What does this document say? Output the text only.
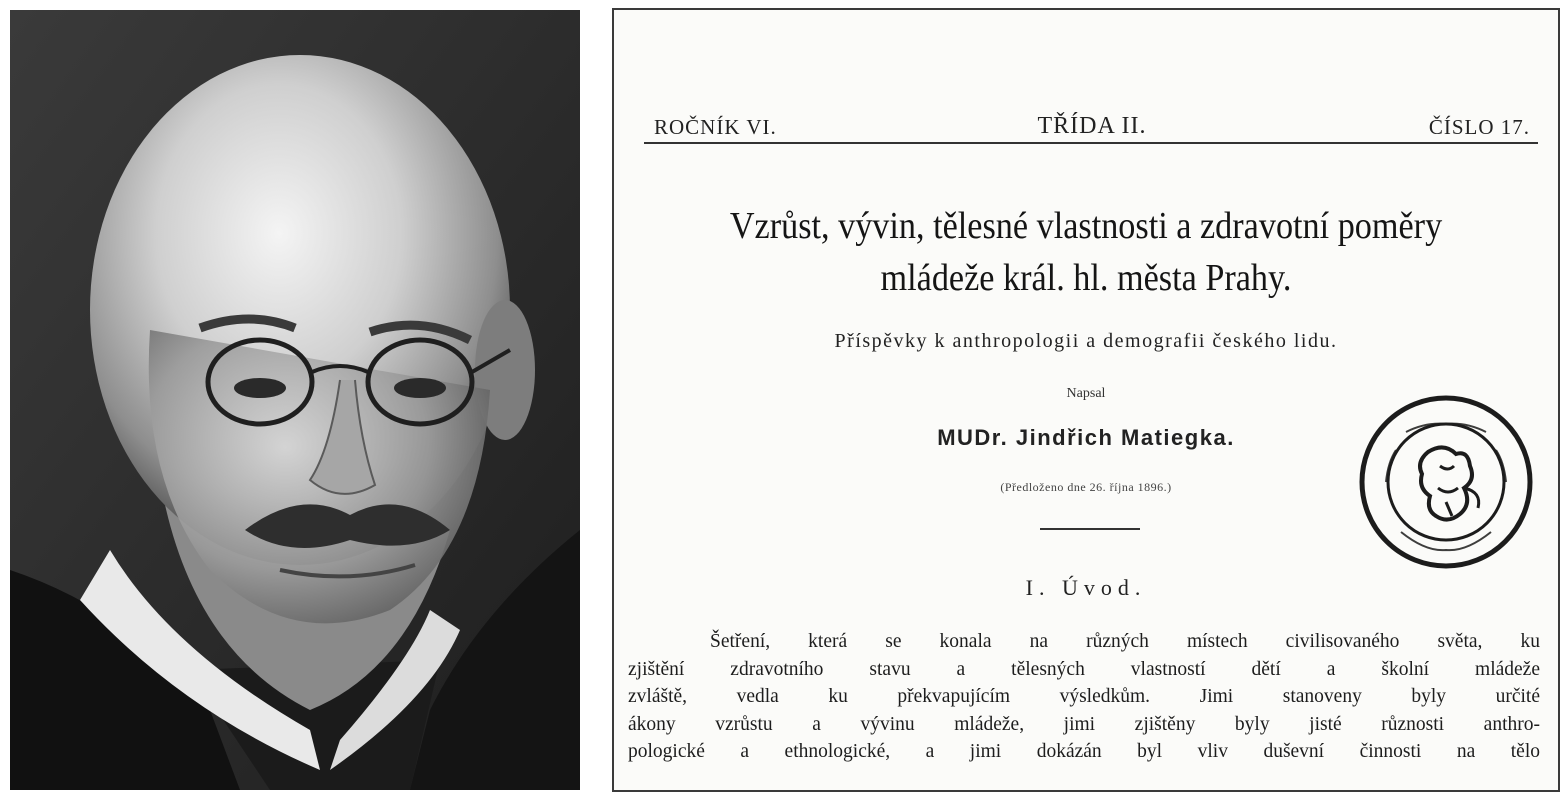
ROČNÍK VI.	TŘÍDA II.	ČÍSLO 17.
Vzrůst, vývin, tělesné vlastnosti a zdravotní poměry
mládeže král. hl. města Prahy.
Příspěvky k anthropologii a demografii českého lidu.
Napsal
MUDr. Jindřich Matiegka.
(Předloženo dne 26. října 1896.)
I. Úvod.
Šetření, která se konala na různých místech civilisovaného světa, ku
zjištění zdravotního stavu a tělesných vlastností dětí a školní mládeže
zvláště, vedla ku překvapujícím výsledkům. Jimi stanoveny byly určité
ákony vzrůstu a vývinu mládeže, jimi zjištěny byly jisté různosti anthro-
pologické a ethnologické, a jimi dokázán byl vliv duševní činnosti na tělo
